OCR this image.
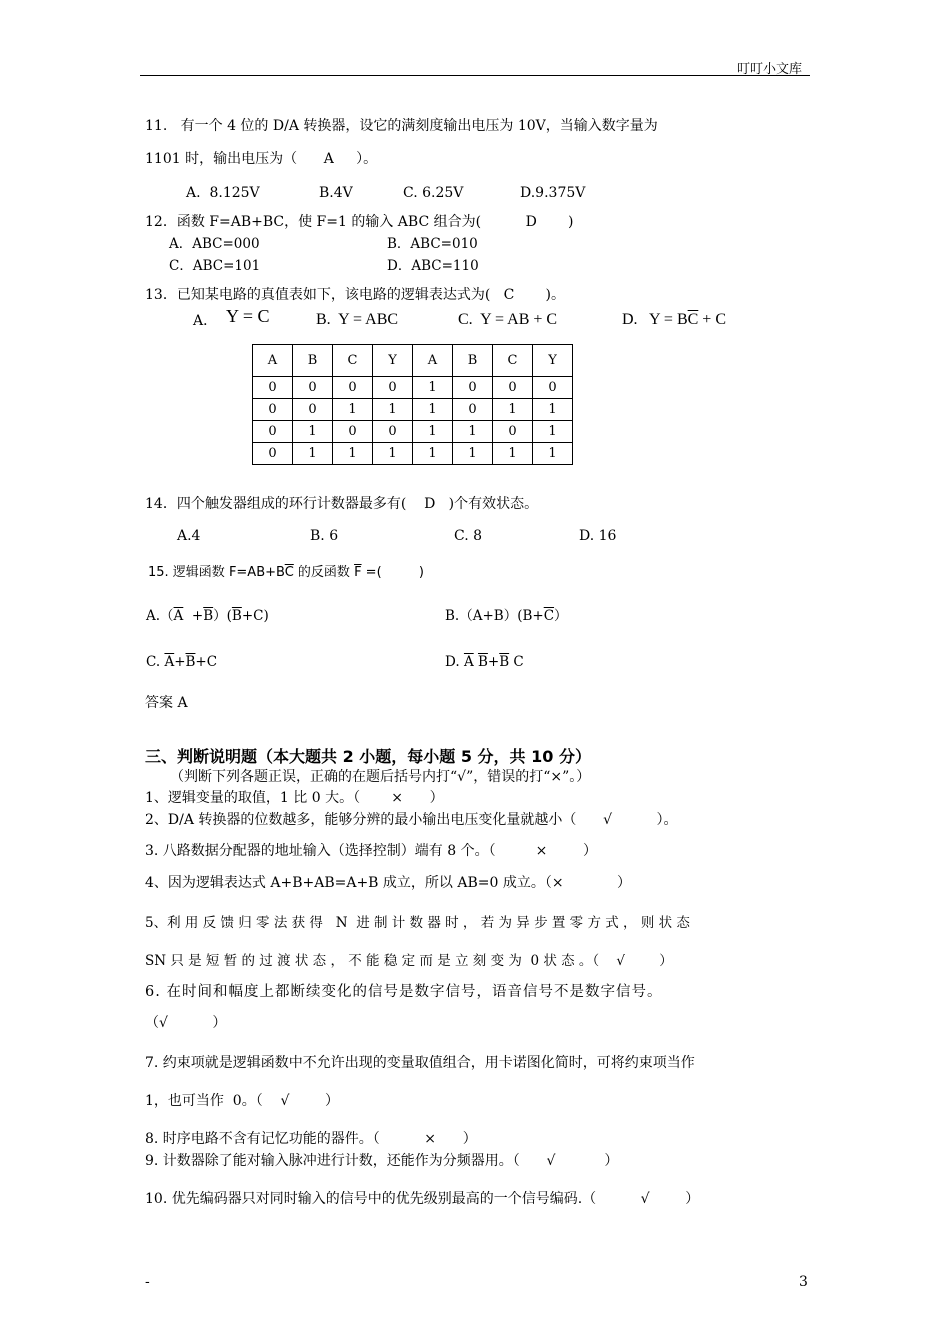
叮叮小文库
11.   有一个 4 位的 D/A 转换器，设它的满刻度输出电压为 10V，当输入数字量为
1101 时，输出电压为（      A     ）。
A.  8.125V	B.4V	C. 6.25V	D.9.375V
12．函数 F=AB+BC，使 F=1 的输入 ABC 组合为(          D       )
A．ABC=000	B．ABC=010
C．ABC=101	D．ABC=110
13．已知某电路的真值表如下，该电路的逻辑表达式为(   C       )。
A． Y = C	B.  Y = ABC	C.  Y = AB + C	D.   $Y = B\overline{C} + C$
A	B	C	Y	A	B	C	Y
0	0	0	0	1	0	0	0
0	0	1	1	1	0	1	1
0	1	0	0	1	1	0	1
0	1	1	1	1	1	1	1
14．四个触发器组成的环行计数器最多有(    D   )个有效状态。
A.4	B. 6	C. 8	D. 16
15. 逻辑函数 $F=AB+B\overline{C}$ 的反函数 $\overline{F}$ =(         )
$A.(\overline{A} +\overline{B})(\overline{B}+C)$	$B.(A+B)(B+\overline{C})$
C. $\overline{A}+\overline{B}+C$	D. $\overline{A}$ $\overline{B}+\overline{B}$ C
答案 A
三、判断说明题（本大题共 2 小题，每小题 5 分，共 10 分）
（判断下列各题正误，正确的在题后括号内打“√”，错误的打“×”。）
1、逻辑变量的取值，1 比 0 大。（       ×      ）
2、D/A 转换器的位数越多，能够分辨的最小输出电压变化量就越小（      √          ）。
3. 八路数据分配器的地址输入（选择控制）端有 8 个。（         ×        ）
4、因为逻辑表达式 A+B+AB=A+B 成立，所以 AB=0 成立。（×            ）
5、利 用 反 馈 归 零 法 获 得   N  进 制 计 数 器 时 ， 若 为 异 步 置 零 方 式 ， 则 状 态
SN 只 是 短 暂 的 过 渡 状 态 ， 不 能 稳 定 而 是 立 刻 变 为  0 状 态 。（    √        ）
6. 在时间和幅度上都断续变化的信号是数字信号，语音信号不是数字信号。
（√          ）
7. 约束项就是逻辑函数中不允许出现的变量取值组合，用卡诺图化简时，可将约束项当作
1，也可当作  0。（    √        ）
8. 时序电路不含有记忆功能的器件。（          ×      ）
9. 计数器除了能对输入脉冲进行计数，还能作为分频器用。（      √           ）
10. 优先编码器只对同时输入的信号中的优先级别最高的一个信号编码.（          √        ）
-	3
